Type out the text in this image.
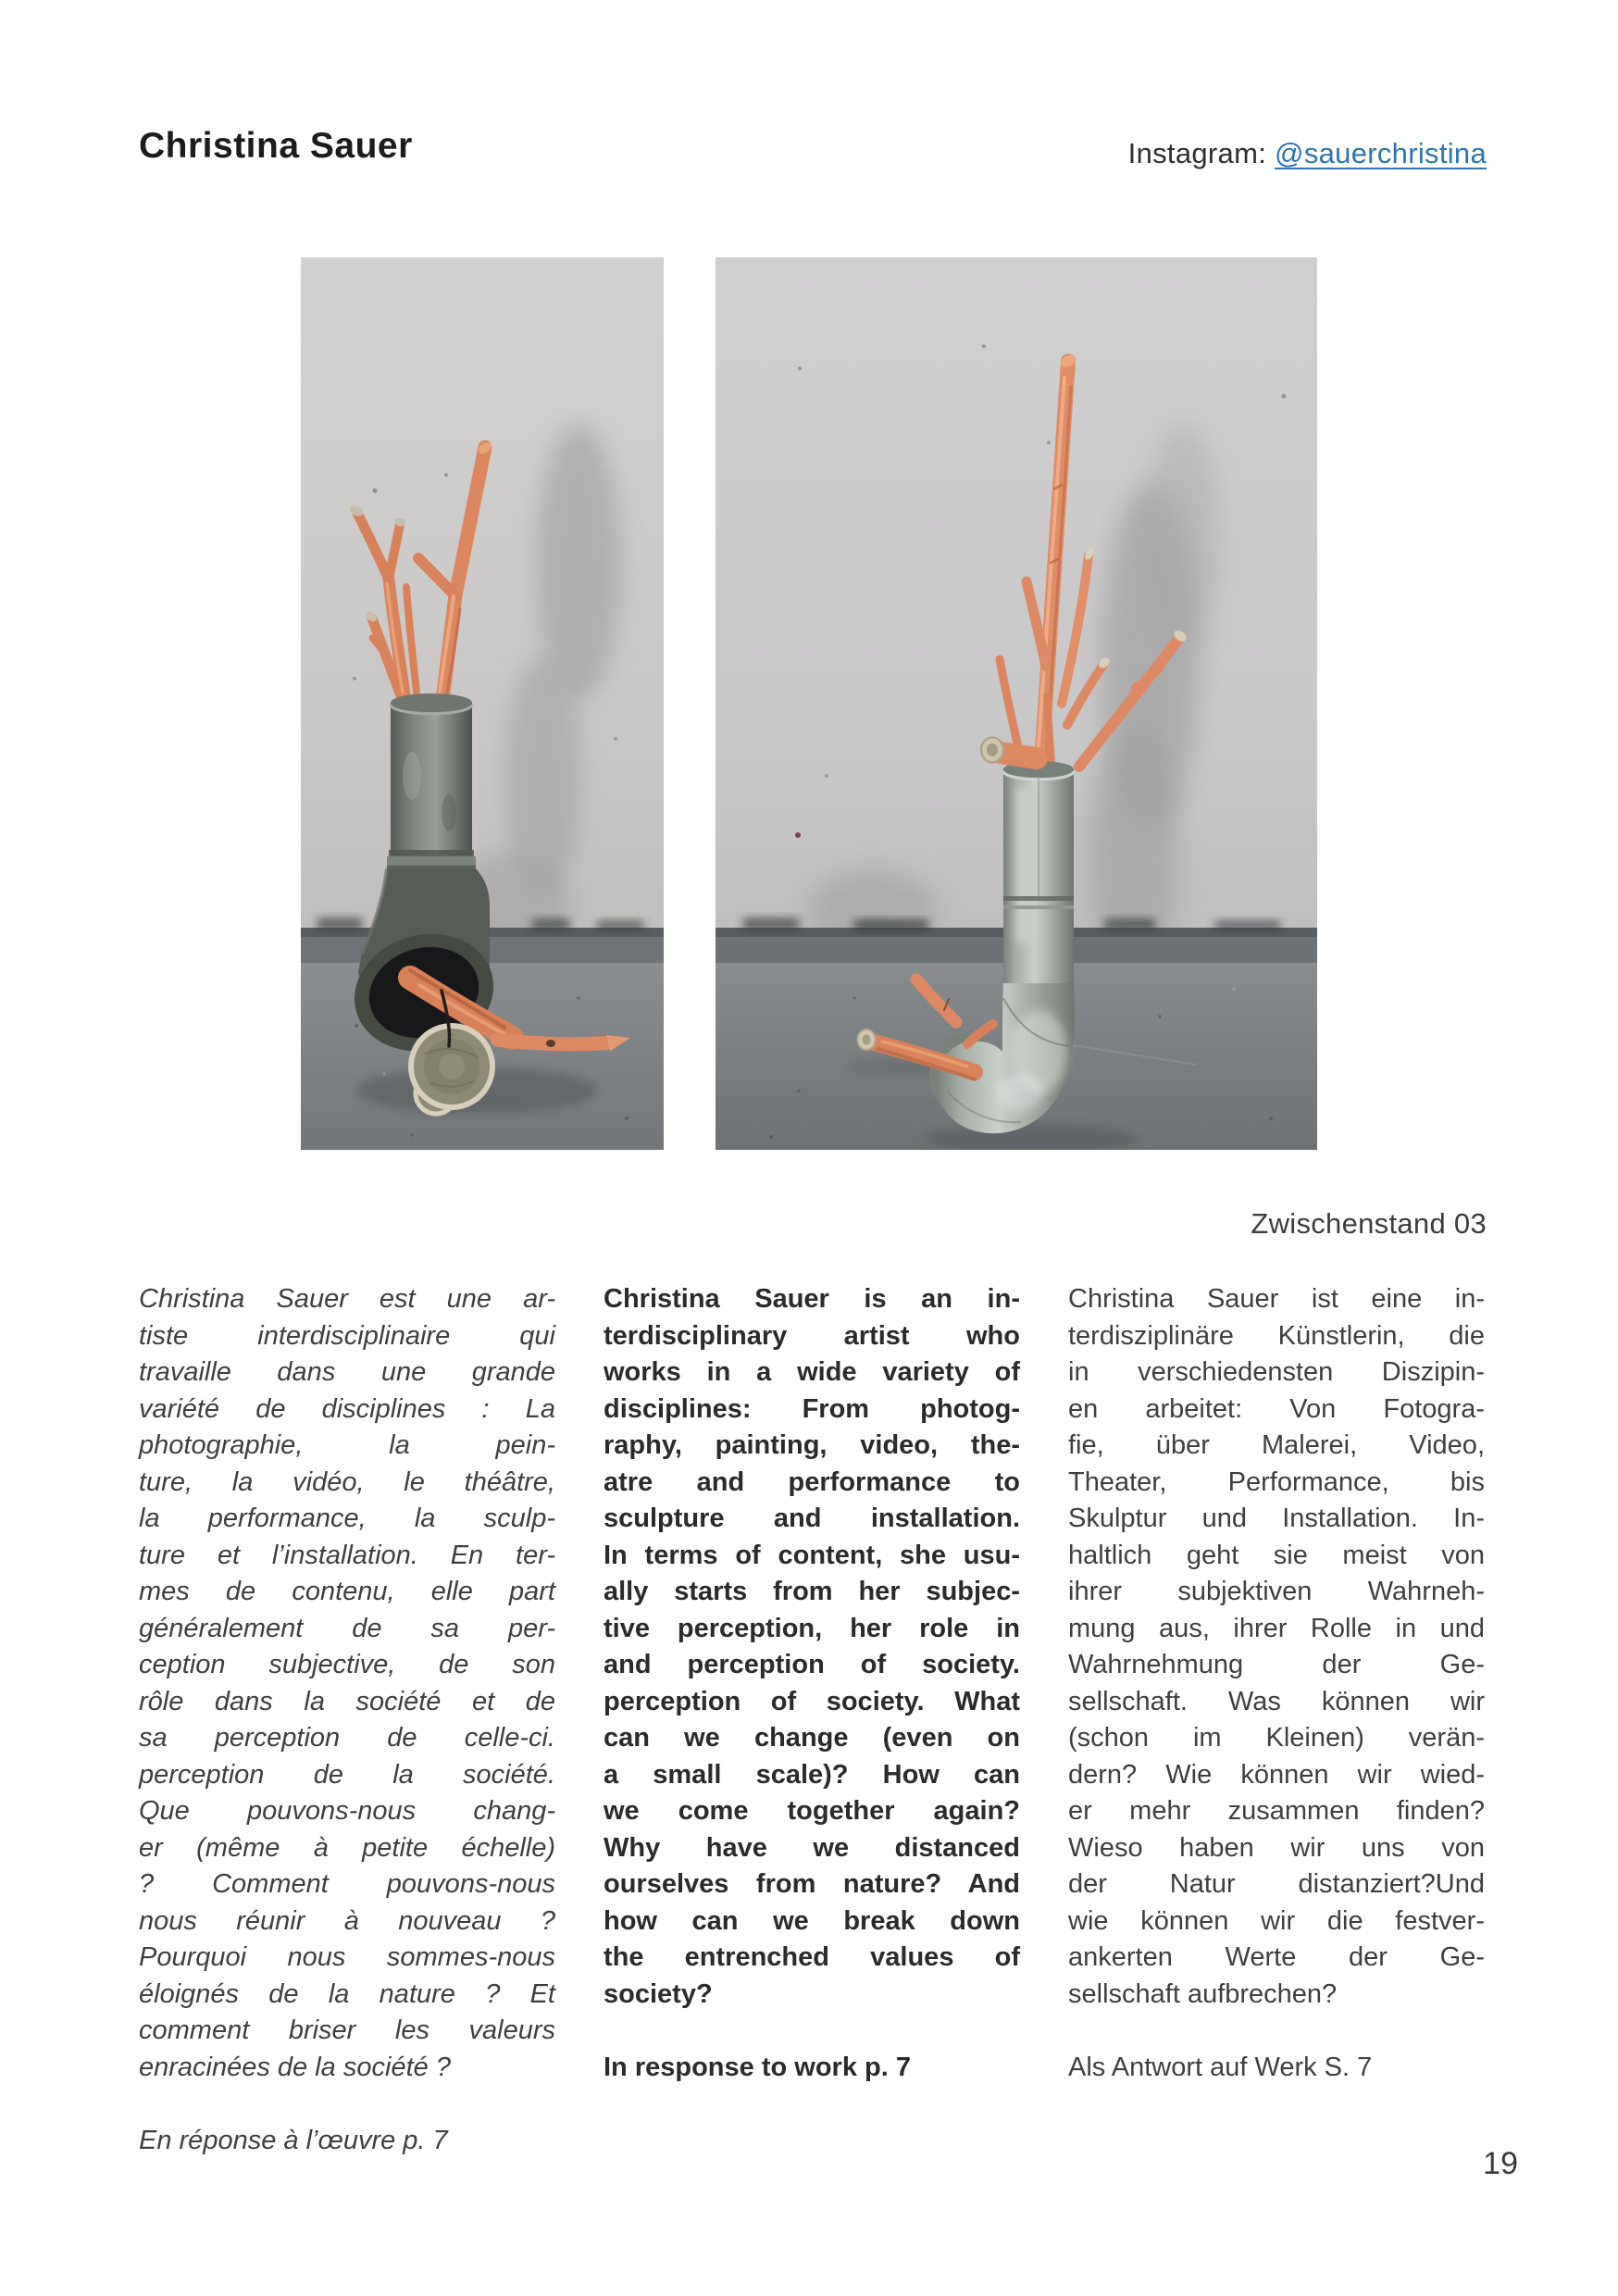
Christina Sauer	Instagram: @sauerchristina
Zwischenstand 03
Christina Sauer est une ar-
tiste interdisciplinaire qui
travaille dans une grande
variété de disciplines : La
photographie, la pein-
ture, la vidéo, le théâtre,
la performance, la sculp-
ture et l’installation. En ter-
mes de contenu, elle part
généralement de sa per-
ception subjective, de son
rôle dans la société et de
sa perception de celle-ci.
perception de la société.
Que pouvons-nous chang-
er (même à petite échelle)
? Comment pouvons-nous
nous réunir à nouveau ?
Pourquoi nous sommes-nous
éloignés de la nature ? Et
comment briser les valeurs
enracinées de la société ?
En réponse à l’œuvre p. 7
Christina Sauer is an in-
terdisciplinary artist who
works in a wide variety of
disciplines: From photog-
raphy, painting, video, the-
atre and performance to
sculpture and installation.
In terms of content, she usu-
ally starts from her subjec-
tive perception, her role in
and perception of society.
perception of society. What
can we change (even on
a small scale)? How can
we come together again?
Why have we distanced
ourselves from nature? And
how can we break down
the entrenched values of
society?
In response to work p. 7
Christina Sauer ist eine in-
terdisziplinäre Künstlerin, die
in verschiedensten Diszipin-
en arbeitet: Von Fotogra-
fie, über Malerei, Video,
Theater, Performance, bis
Skulptur und Installation. In-
haltlich geht sie meist von
ihrer subjektiven Wahrneh-
mung aus, ihrer Rolle in und
Wahrnehmung der Ge-
sellschaft. Was können wir
(schon im Kleinen) verän-
dern? Wie können wir wied-
er mehr zusammen finden?
Wieso haben wir uns von
der Natur distanziert?Und
wie können wir die festver-
ankerten Werte der Ge-
sellschaft aufbrechen?
Als Antwort auf Werk S. 7
19
